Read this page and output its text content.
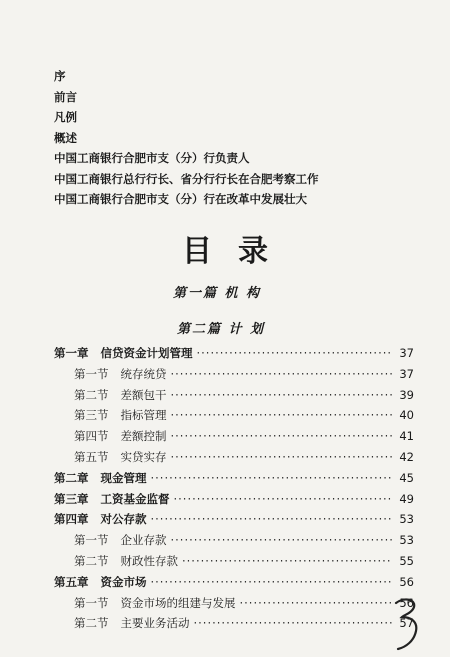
序
前言
凡例
概述
中国工商银行合肥市支（分）行负责人
中国工商银行总行行长、省分行行长在合肥考察工作
中国工商银行合肥市支（分）行在改革中发展壮大
目录
第一篇 机 构
第二篇 计 划
第一章 信贷资金计划管理 ·····	37
第一节 统存统贷 ·····	37
第二节 差额包干 ·····	39
第三节 指标管理 ·····	40
第四节 差额控制 ·····	41
第五节 实贷实存 ·····	42
第二章 现金管理 ·····	45
第三章 工资基金监督 ·····	49
第四章 对公存款 ·····	53
第一节 企业存款 ·····	53
第二节 财政性存款 ·····	55
第五章 资金市场 ·····	56
第一节 资金市场的组建与发展 ·····	56
第二节 主要业务活动 ·····	57
